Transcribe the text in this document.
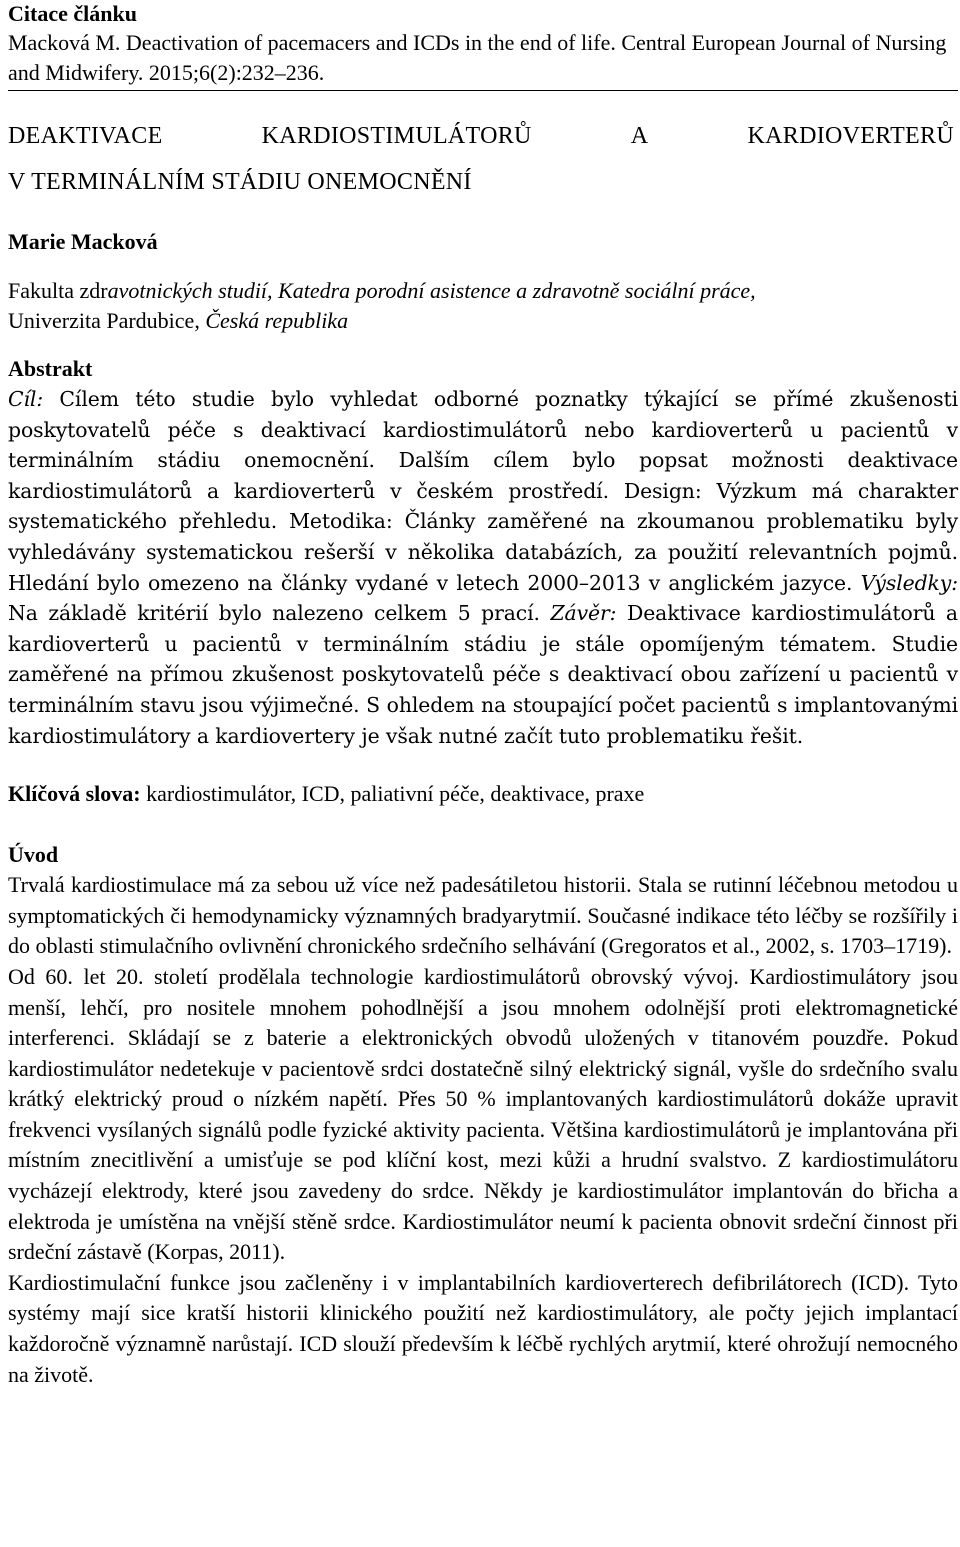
Citace článku
Macková M. Deactivation of pacemacers and ICDs in the end of life. Central European Journal of Nursing and Midwifery. 2015;6(2):232–236.
DEAKTIVACE	KARDIOSTIMULÁTORŮ	A	KARDIOVERTERŮ
V TERMINÁLNÍM STÁDIU ONEMOCNĚNÍ
Marie Macková
Fakulta zdravotnických studií, Katedra porodní asistence a zdravotně sociální práce,
Univerzita Pardubice, Česká republika
Abstrakt
Cíl: Cílem této studie bylo vyhledat odborné poznatky týkající se přímé zkušenosti poskytovatelů péče s deaktivací kardiostimulátorů nebo kardioverterů u pacientů v terminálním stádiu onemocnění. Dalším cílem bylo popsat možnosti deaktivace kardiostimulátorů a kardioverterů v českém prostředí. Design: Výzkum má charakter systematického přehledu. Metodika: Články zaměřené na zkoumanou problematiku byly vyhledávány systematickou rešerší v několika databázích, za použití relevantních pojmů. Hledání bylo omezeno na články vydané v letech 2000–2013 v anglickém jazyce. Výsledky: Na základě kritérií bylo nalezeno celkem 5 prací. Závěr: Deaktivace kardiostimulátorů a kardioverterů u pacientů v terminálním stádiu je stále opomíjeným tématem. Studie zaměřené na přímou zkušenost poskytovatelů péče s deaktivací obou zařízení u pacientů v terminálním stavu jsou výjimečné. S ohledem na stoupající počet pacientů s implantovanými kardiostimulátory a kardiovertery je však nutné začít tuto problematiku řešit.
Klíčová slova: kardiostimulátor, ICD, paliativní péče, deaktivace, praxe
Úvod

Trvalá kardiostimulace má za sebou už více než padesátiletou historii. Stala se rutinní léčebnou metodou u symptomatických či hemodynamicky významných bradyarytmií. Současné indikace této léčby se rozšířily i do oblasti stimulačního ovlivnění chronického srdečního selhávání (Gregoratos et al., 2002, s. 1703–1719).

Od 60. let 20. století prodělala technologie kardiostimulátorů obrovský vývoj. Kardiostimulátory jsou menší, lehčí, pro nositele mnohem pohodlnější a jsou mnohem odolnější proti elektromagnetické interferenci. Skládají se z baterie a elektronických obvodů uložených v titanovém pouzdře. Pokud kardiostimulátor nedetekuje v pacientově srdci dostatečně silný elektrický signál, vyšle do srdečního svalu krátký elektrický proud o nízkém napětí. Přes 50 % implantovaných kardiostimulátorů dokáže upravit frekvenci vysílaných signálů podle fyzické aktivity pacienta. Většina kardiostimulátorů je implantována při místním znecitlivění a umisťuje se pod klíční kost, mezi kůži a hrudní svalstvo. Z kardiostimulátoru vycházejí elektrody, které jsou zavedeny do srdce. Někdy je kardiostimulátor implantován do břicha a elektroda je umístěna na vnější stěně srdce. Kardiostimulátor neumí k pacienta obnovit srdeční činnost při srdeční zástavě (Korpas, 2011).

Kardiostimulační funkce jsou začleněny i v implantabilních kardioverterech defibrilátorech (ICD). Tyto systémy mají sice kratší historii klinického použití než kardiostimulátory, ale počty jejich implantací každoročně významně narůstají. ICD slouží především k léčbě rychlých arytmií, které ohrožují nemocného na životě.
